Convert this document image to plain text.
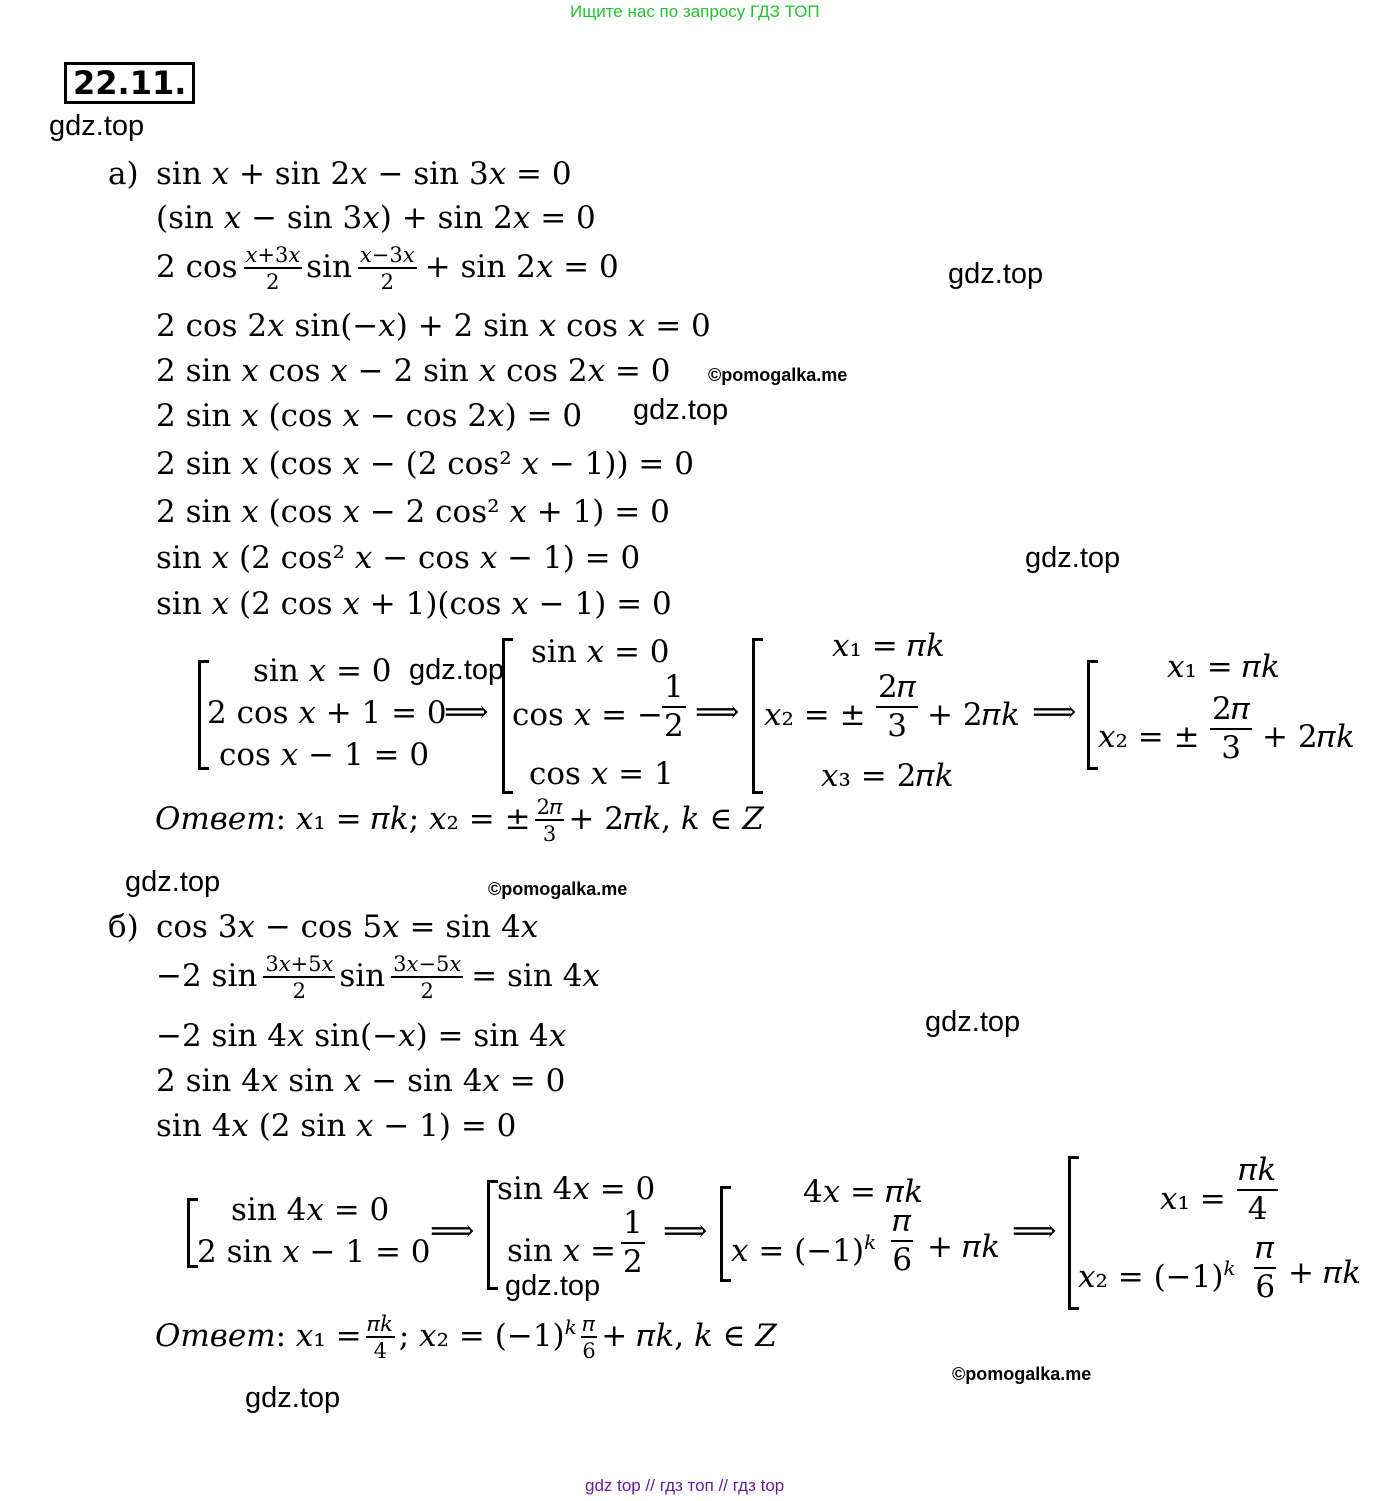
Ищите нас по запросу ГДЗ ТОП
22.11.
gdz.top
gdz.top
©pomogalka.me
gdz.top
gdz.top
gdz.top
gdz.top	©pomogalka.me
gdz.top
gdz.top
©pomogalka.me
gdz.top
а) sin 𝑥 + sin 2𝑥 − sin 3𝑥 = 0
(sin 𝑥 − sin 3𝑥) + sin 2𝑥 = 0
2 $\cos \frac{\text{𝑥+3𝑥}}{2}$ $\sin \frac{\text{𝑥−3𝑥}}{2} + \sin$ 2𝑥 = 0
2 cos 2𝑥 sin(−𝑥) + 2 sin 𝑥 cos 𝑥 = 0
2 sin 𝑥 cos 𝑥 − 2 sin 𝑥 cos 2𝑥 = 0
2 sin 𝑥 (cos 𝑥 − cos 2𝑥) = 0
2 sin 𝑥 (cos 𝑥 − (2 cos² 𝑥 − 1)) = 0
2 sin 𝑥 (cos 𝑥 − 2 cos² 𝑥 + 1) = 0
sin 𝑥 (2 cos² 𝑥 − cos 𝑥 − 1) = 0
sin 𝑥 (2 cos 𝑥 + 1)(cos 𝑥 − 1) = 0
sin 𝑥 = 0
2 cos 𝑥 + 1 = 0
cos 𝑥 − 1 = 0
⟹
sin 𝑥 = 0
cos 𝑥 = − $\frac{1}{2}$
cos 𝑥 = 1
⟹
𝑥₁ = 𝜋𝑘
𝑥₂ = ±
2𝜋
3 + 2𝜋𝑘
𝑥₃ = 2𝜋𝑘
⟹
𝑥₁ = 𝜋𝑘
𝑥₂ = ±
2𝜋
3 + 2𝜋𝑘
Ответ: 𝑥₁ = 𝜋𝑘; 𝑥₂ = ± $\frac{\text{2𝜋}}{3}$ + 2𝜋𝑘, 𝑘 ∈ 𝑍
б) cos 3𝑥 − cos 5𝑥 = sin 4𝑥
−2 $\sin \frac{\text{3𝑥+5𝑥}}{2}$ $\sin \frac{\text{3𝑥−5𝑥}}{2} = \sin$ 4𝑥
−2 sin 4𝑥 sin(−𝑥) = sin 4𝑥
2 sin 4𝑥 sin 𝑥 − sin 4𝑥 = 0
sin 4𝑥 (2 sin 𝑥 − 1) = 0
sin 4𝑥 = 0
2 sin 𝑥 − 1 = 0
⟹
sin 4𝑥 = 0
sin 𝑥 = $\frac{1}{2}$ ⟹
4𝑥 = 𝜋𝑘
𝑥 = $(-1)^𝑘$
𝜋
6 + 𝜋𝑘 ⟹
𝑥₁ =
𝜋𝑘
4
𝑥₂ = $(-1)^𝑘$
𝜋
6 + 𝜋𝑘
Ответ: 𝑥₁ = $\frac{\text{𝜋𝑘}}{4}$ ; 𝑥₂ = $(-1)^𝑘 \frac{\text{𝜋}}{6}$ + 𝜋𝑘, 𝑘 ∈ 𝑍
gdz top // гдз топ // гдз top
